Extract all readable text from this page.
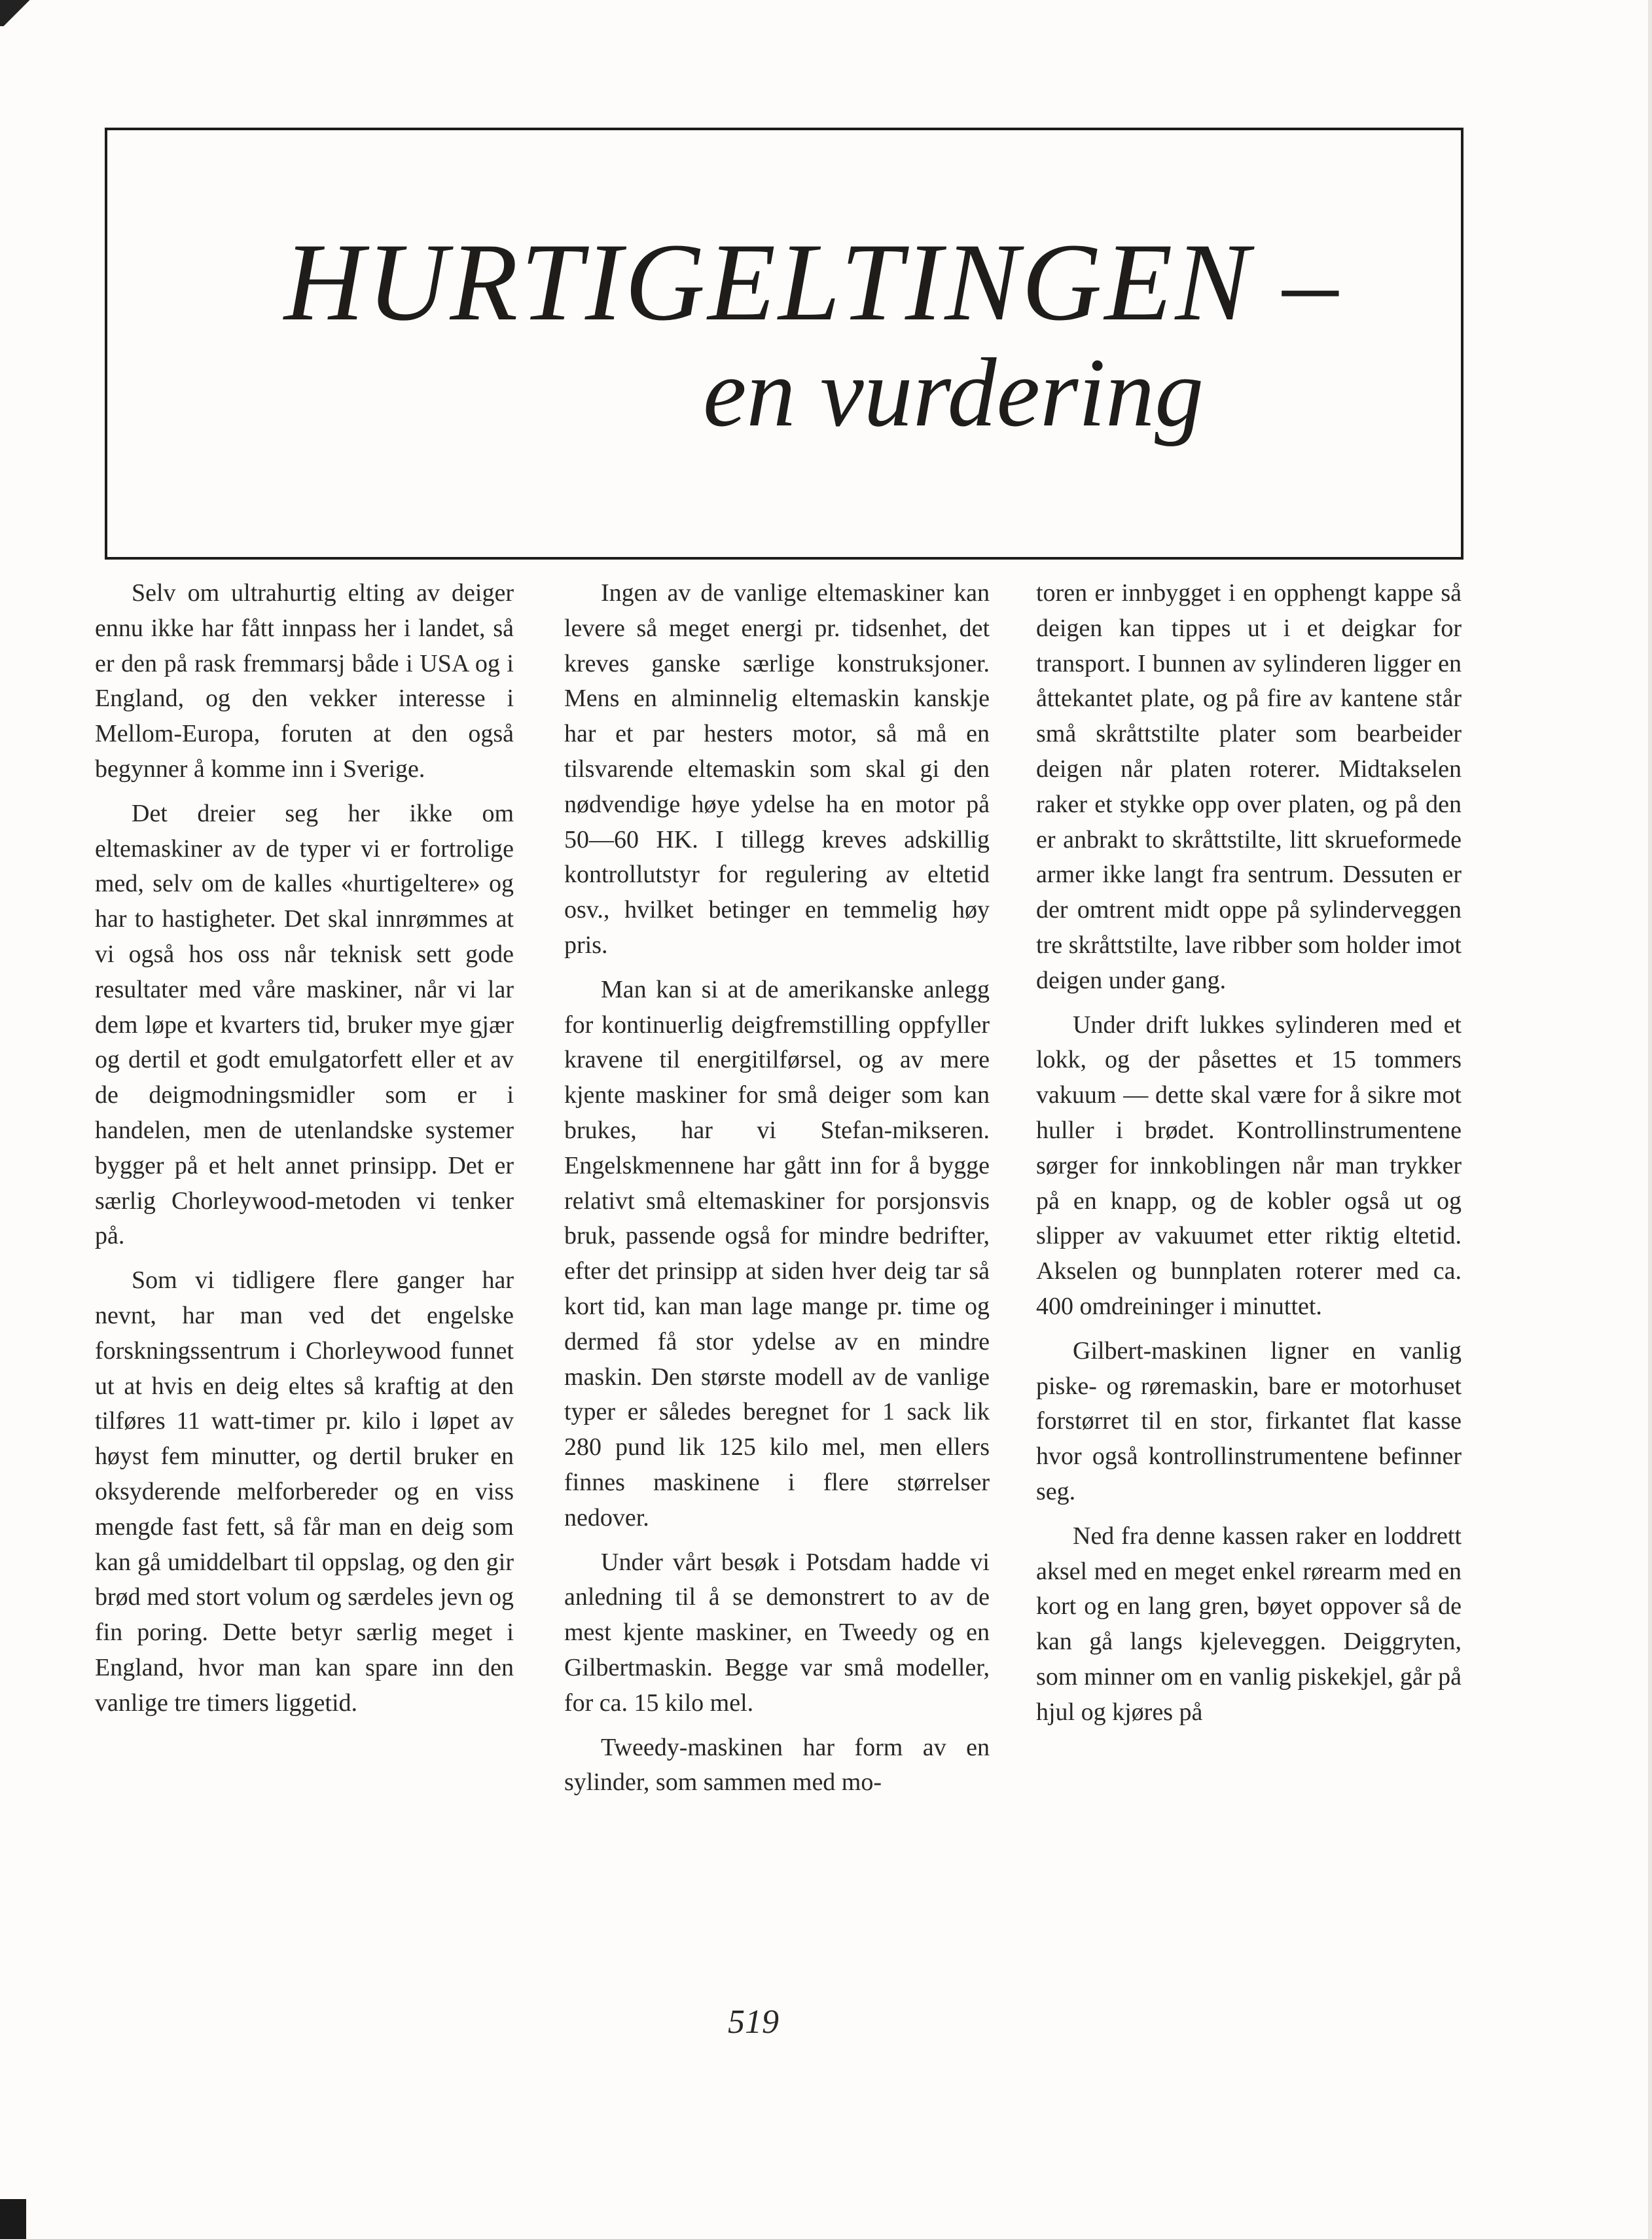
HURTIGELTINGEN –
en vurdering

Selv om ultrahurtig elting av deiger ennu ikke har fått innpass her i landet, så er den på rask fremmarsj både i USA og i England, og den vekker interesse i Mellom-Europa, foruten at den også begynner å komme inn i Sverige.

Det dreier seg her ikke om eltemaskiner av de typer vi er fortrolige med, selv om de kalles «hurtigeltere» og har to hastigheter. Det skal innrømmes at vi også hos oss når teknisk sett gode resultater med våre maskiner, når vi lar dem løpe et kvarters tid, bruker mye gjær og dertil et godt emulgatorfett eller et av de deigmodningsmidler som er i handelen, men de utenlandske systemer bygger på et helt annet prinsipp. Det er særlig Chorleywood-metoden vi tenker på.

Som vi tidligere flere ganger har nevnt, har man ved det engelske forskningssentrum i Chorleywood funnet ut at hvis en deig eltes så kraftig at den tilføres 11 watt-timer pr. kilo i løpet av høyst fem minutter, og dertil bruker en oksyderende melforbereder og en viss mengde fast fett, så får man en deig som kan gå umiddelbart til oppslag, og den gir brød med stort volum og særdeles jevn og fin poring. Dette betyr særlig meget i England, hvor man kan spare inn den vanlige tre timers liggetid.

Ingen av de vanlige eltemaskiner kan levere så meget energi pr. tidsenhet, det kreves ganske særlige konstruksjoner. Mens en alminnelig eltemaskin kanskje har et par hesters motor, så må en tilsvarende eltemaskin som skal gi den nødvendige høye ydelse ha en motor på 50—60 HK. I tillegg kreves adskillig kontrollutstyr for regulering av eltetid osv., hvilket betinger en temmelig høy pris.

Man kan si at de amerikanske anlegg for kontinuerlig deigfremstilling oppfyller kravene til energitilførsel, og av mere kjente maskiner for små deiger som kan brukes, har vi Stefan-mikseren. Engelskmennene har gått inn for å bygge relativt små eltemaskiner for porsjonsvis bruk, passende også for mindre bedrifter, efter det prinsipp at siden hver deig tar så kort tid, kan man lage mange pr. time og dermed få stor ydelse av en mindre maskin. Den største modell av de vanlige typer er således beregnet for 1 sack lik 280 pund lik 125 kilo mel, men ellers finnes maskinene i flere størrelser nedover.

Under vårt besøk i Potsdam hadde vi anledning til å se demonstrert to av de mest kjente maskiner, en Tweedy og en Gilbertmaskin. Begge var små modeller, for ca. 15 kilo mel.

Tweedy-maskinen har form av en sylinder, som sammen med mo-

toren er innbygget i en opphengt kappe så deigen kan tippes ut i et deigkar for transport. I bunnen av sylinderen ligger en åttekantet plate, og på fire av kantene står små skråttstilte plater som bearbeider deigen når platen roterer. Midtakselen raker et stykke opp over platen, og på den er anbrakt to skråttstilte, litt skrueformede armer ikke langt fra sentrum. Dessuten er der omtrent midt oppe på sylinderveggen tre skråttstilte, lave ribber som holder imot deigen under gang.

Under drift lukkes sylinderen med et lokk, og der påsettes et 15 tommers vakuum — dette skal være for å sikre mot huller i brødet. Kontrollinstrumentene sørger for innkoblingen når man trykker på en knapp, og de kobler også ut og slipper av vakuumet etter riktig eltetid. Akselen og bunnplaten roterer med ca. 400 omdreininger i minuttet.

Gilbert-maskinen ligner en vanlig piske- og røremaskin, bare er motorhuset forstørret til en stor, firkantet flat kasse hvor også kontrollinstrumentene befinner seg.

Ned fra denne kassen raker en loddrett aksel med en meget enkel rørearm med en kort og en lang gren, bøyet oppover så de kan gå langs kjeleveggen. Deiggryten, som minner om en vanlig piskekjel, går på hjul og kjøres på

519
